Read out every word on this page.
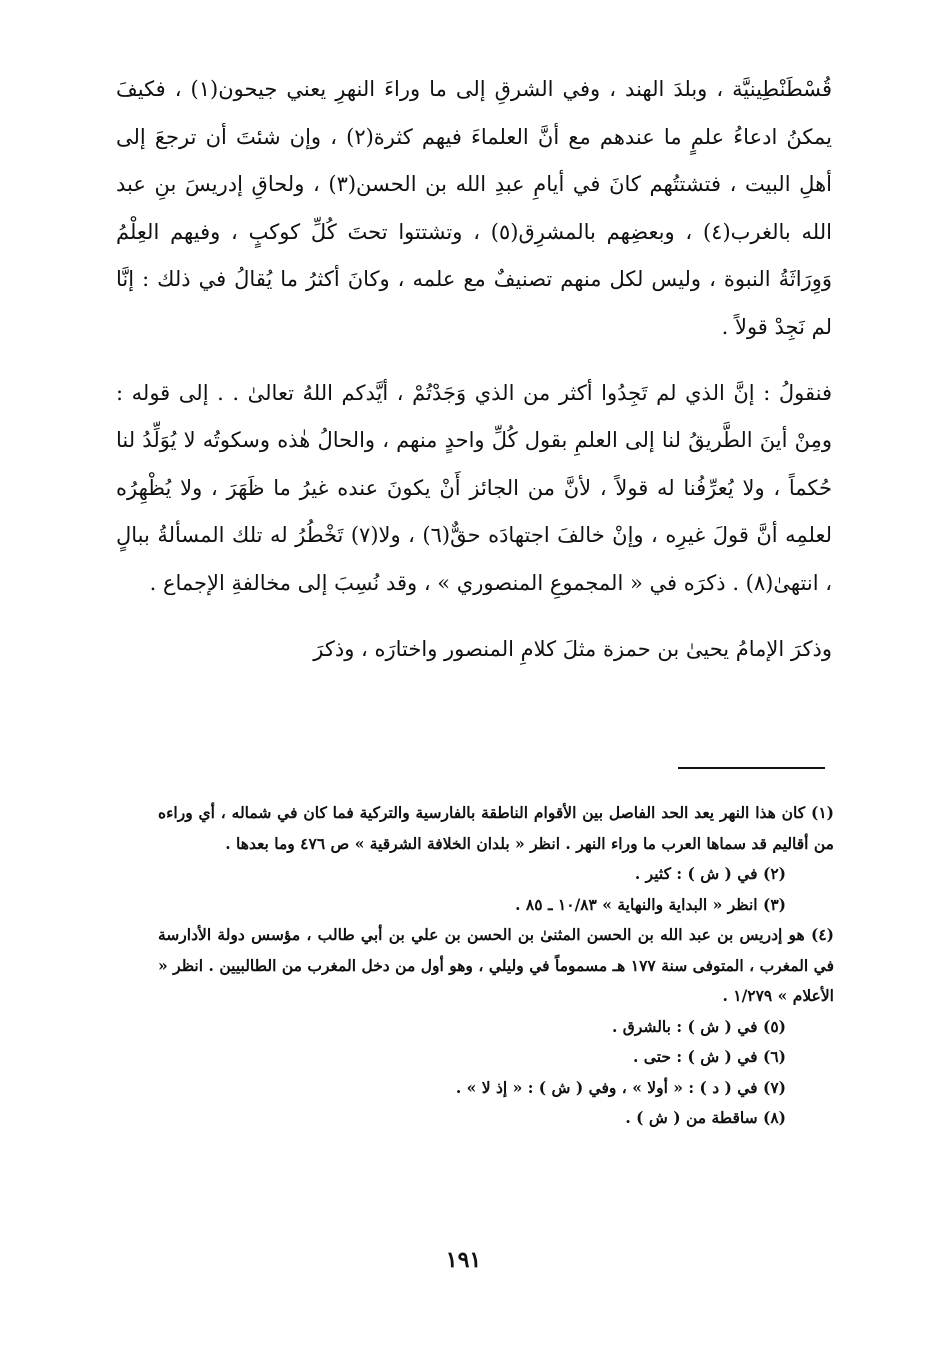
قُسْطَنْطِينيَّة ، وبلدَ الهند ، وفي الشرقِ إلى ما وراءَ النهرِ يعني جيحون(١) ، فكيفَ يمكنُ ادعاءُ علمٍ ما عندهم مع أنَّ العلماءَ فيهم كثرة(٢) ، وإن شئتَ أن ترجعَ إلى أهلِ البيت ، فتشتتُهم كانَ في أيامِ عبدِ الله بن الحسن(٣) ، ولحاقِ إدريسَ بنِ عبد الله بالغرب(٤) ، وبعضِهم بالمشرِق(٥) ، وتشتتوا تحتَ كُلِّ كوكبٍ ، وفيهم العِلْمُ وَوِرَاثَةُ النبوة ، وليس لكل منهم تصنيفٌ مع علمه ، وكانَ أكثرُ ما يُقالُ في ذلك : إنَّا لم نَجِدْ قولاً .

فنقولُ : إنَّ الذي لم تَجِدُوا أكثر من الذي وَجَدْتُمْ ، أيَّدكم اللهُ تعالىٰ . . إلى قوله : ومِنْ أينَ الطَّريقُ لنا إلى العلمِ بقول كُلِّ واحدٍ منهم ، والحالُ هٰذه وسكوتُه لا يُوَلِّدُ لنا حُكماً ، ولا يُعرِّفُنا له قولاً ، لأنَّ من الجائز أَنْ يكونَ عنده غيرُ ما ظَهَرَ ، ولا يُظْهِرُه لعلمِه أنَّ قولَ غيرِه ، وإنْ خالفَ اجتهادَه حقٌّ(٦) ، ولا(٧) تَخْطُرُ له تلك المسألةُ ببالٍ ، انتهىٰ(٨) . ذكرَه في « المجموعِ المنصوري » ، وقد نُسِبَ إلى مخالفةِ الإجماع .

وذكرَ الإمامُ يحيىٰ بن حمزة مثلَ كلامِ المنصور واختارَه ، وذكرَ

(١) كان هذا النهر يعد الحد الفاصل بين الأقوام الناطقة بالفارسية والتركية فما كان في شماله ، أي وراءه من أقاليم قد سماها العرب ما وراء النهر . انظر « بلدان الخلافة الشرقية » ص ٤٧٦ وما بعدها .

(٢) في ( ش ) : كثير .

(٣) انظر « البداية والنهاية » ١٠/٨٣ ـ ٨٥ .

(٤) هو إدريس بن عبد الله بن الحسن المثنىٰ بن الحسن بن علي بن أبي طالب ، مؤسس دولة الأدارسة في المغرب ، المتوفى سنة ١٧٧ هـ مسموماً في وليلي ، وهو أول من دخل المغرب من الطالبيين . انظر « الأعلام » ١/٢٧٩ .

(٥) في ( ش ) : بالشرق .

(٦) في ( ش ) : حتى .

(٧) في ( د ) : « أولا » ، وفي ( ش ) : « إذ لا » .

(٨) ساقطة من ( ش ) .

١٩١
